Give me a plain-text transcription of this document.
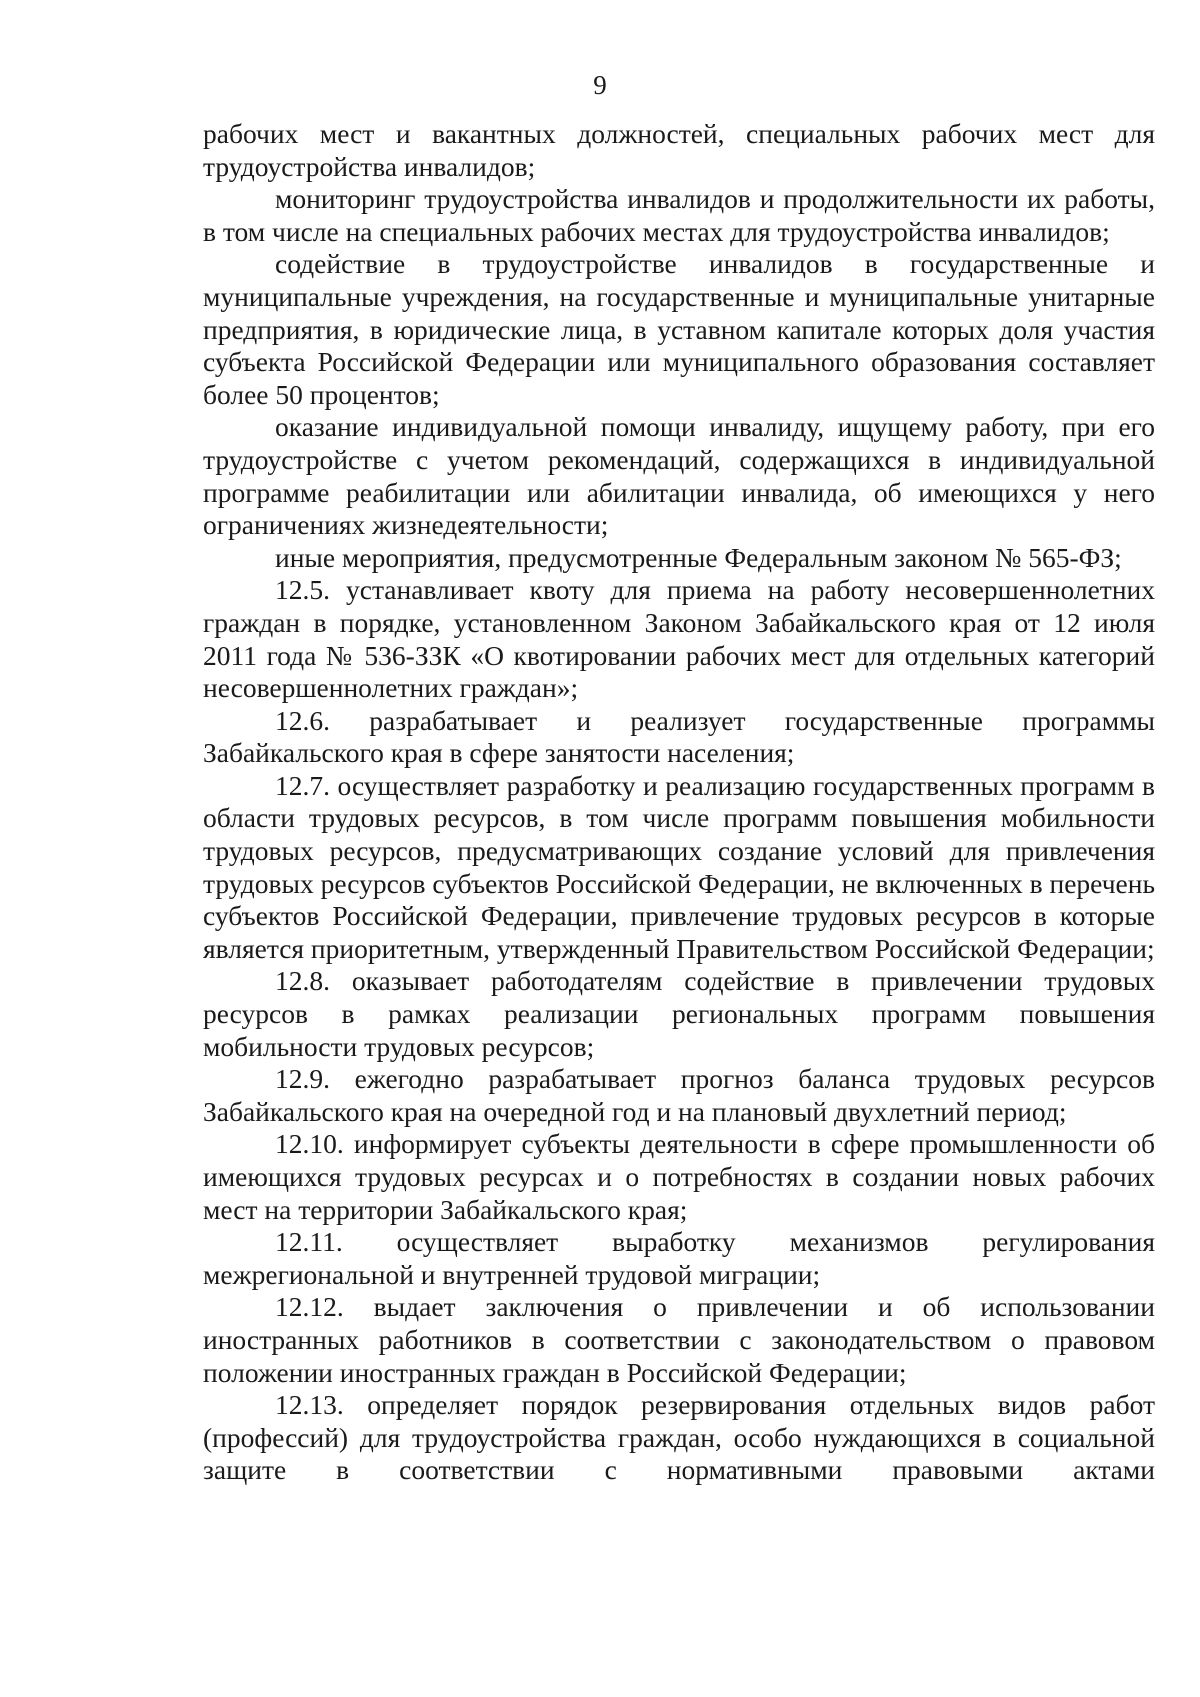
9

рабочих мест и вакантных должностей, специальных рабочих мест для трудоустройства инвалидов;

мониторинг трудоустройства инвалидов и продолжительности их работы, в том числе на специальных рабочих местах для трудоустройства инвалидов;

содействие в трудоустройстве инвалидов в государственные и муниципальные учреждения, на государственные и муниципальные унитарные предприятия, в юридические лица, в уставном капитале которых доля участия субъекта Российской Федерации или муниципального образования составляет более 50 процентов;

оказание индивидуальной помощи инвалиду, ищущему работу, при его трудоустройстве с учетом рекомендаций, содержащихся в индивидуальной программе реабилитации или абилитации инвалида, об имеющихся у него ограничениях жизнедеятельности;

иные мероприятия, предусмотренные Федеральным законом № 565-ФЗ;

12.5. устанавливает квоту для приема на работу несовершеннолетних граждан в порядке, установленном Законом Забайкальского края от 12 июля 2011 года № 536-ЗЗК «О квотировании рабочих мест для отдельных категорий несовершеннолетних граждан»;

12.6. разрабатывает и реализует государственные программы Забайкальского края в сфере занятости населения;

12.7. осуществляет разработку и реализацию государственных программ в области трудовых ресурсов, в том числе программ повышения мобильности трудовых ресурсов, предусматривающих создание условий для привлечения трудовых ресурсов субъектов Российской Федерации, не включенных в перечень субъектов Российской Федерации, привлечение трудовых ресурсов в которые является приоритетным, утвержденный Правительством Российской Федерации;

12.8. оказывает работодателям содействие в привлечении трудовых ресурсов в рамках реализации региональных программ повышения мобильности трудовых ресурсов;

12.9. ежегодно разрабатывает прогноз баланса трудовых ресурсов Забайкальского края на очередной год и на плановый двухлетний период;

12.10. информирует субъекты деятельности в сфере промышленности об имеющихся трудовых ресурсах и о потребностях в создании новых рабочих мест на территории Забайкальского края;

12.11. осуществляет выработку механизмов регулирования межрегиональной и внутренней трудовой миграции;

12.12. выдает заключения о привлечении и об использовании иностранных работников в соответствии с законодательством о правовом положении иностранных граждан в Российской Федерации;

12.13. определяет порядок резервирования отдельных видов работ (профессий) для трудоустройства граждан, особо нуждающихся в социальной защите в соответствии с нормативными правовыми актами
